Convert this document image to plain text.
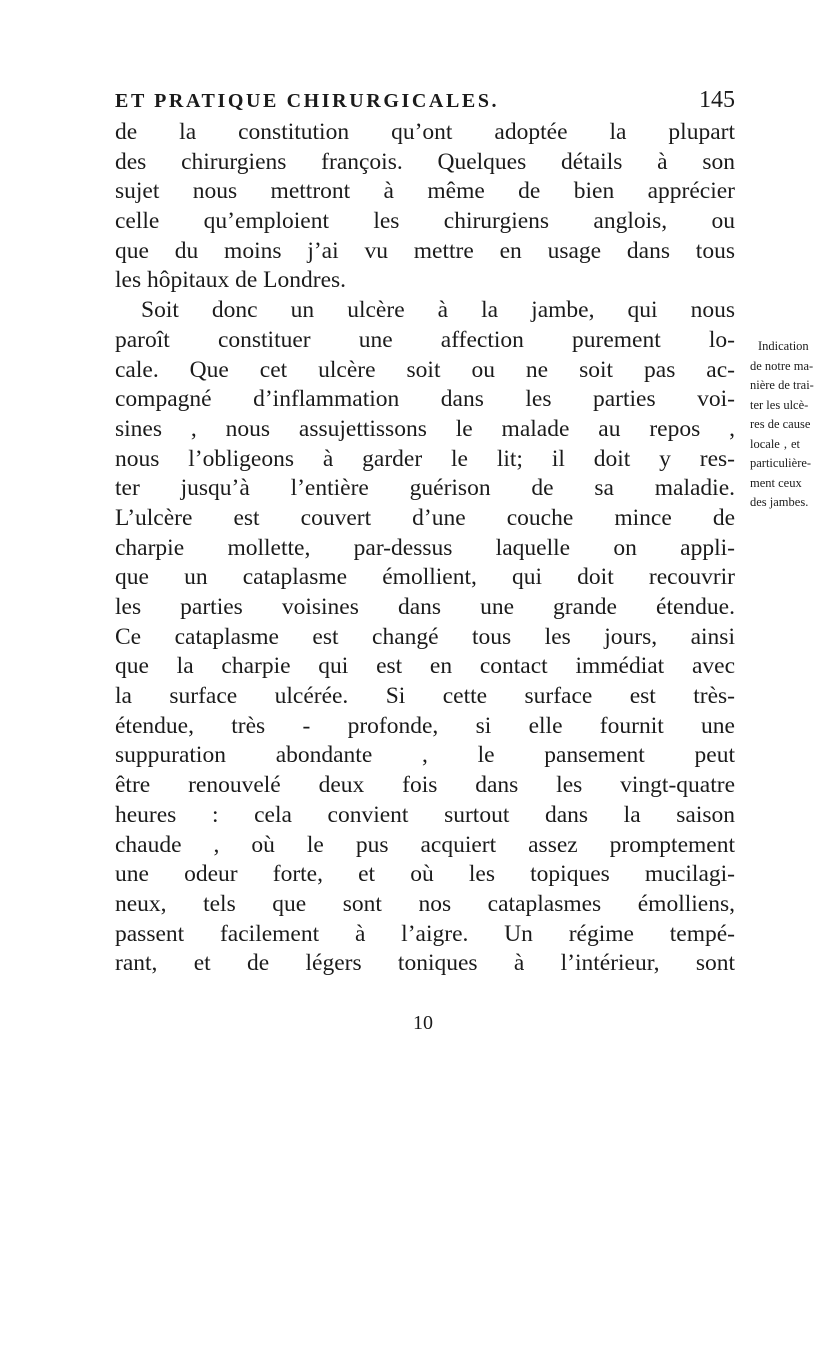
ET PRATIQUE CHIRURGICALES.	145
de la constitution qu’ont adoptée la plupart
des chirurgiens françois. Quelques détails à son
sujet nous mettront à même de bien apprécier
celle qu’emploient les chirurgiens anglois, ou
que du moins j’ai vu mettre en usage dans tous
les hôpitaux de Londres.
Soit donc un ulcère à la jambe, qui nous
paroît constituer une affection purement lo-
cale. Que cet ulcère soit ou ne soit pas ac-
compagné d’inflammation dans les parties voi-
sines , nous assujettissons le malade au repos ,
nous l’obligeons à garder le lit; il doit y res-
ter jusqu’à l’entière guérison de sa maladie.
L’ulcère est couvert d’une couche mince de
charpie mollette, par-dessus laquelle on appli-
que un cataplasme émollient, qui doit recouvrir
les parties voisines dans une grande étendue.
Ce cataplasme est changé tous les jours, ainsi
que la charpie qui est en contact immédiat avec
la surface ulcérée. Si cette surface est très-
étendue, très - profonde, si elle fournit une
suppuration abondante , le pansement peut
être renouvelé deux fois dans les vingt-quatre
heures : cela convient surtout dans la saison
chaude , où le pus acquiert assez promptement
une odeur forte, et où les topiques mucilagi-
neux, tels que sont nos cataplasmes émolliens,
passent facilement à l’aigre. Un régime tempé-
rant, et de légers toniques à l’intérieur, sont
Indication
de notre ma-
nière de trai-
ter les ulcè-
res de cause
locale , et
particulière-
ment ceux
des jambes.
10
